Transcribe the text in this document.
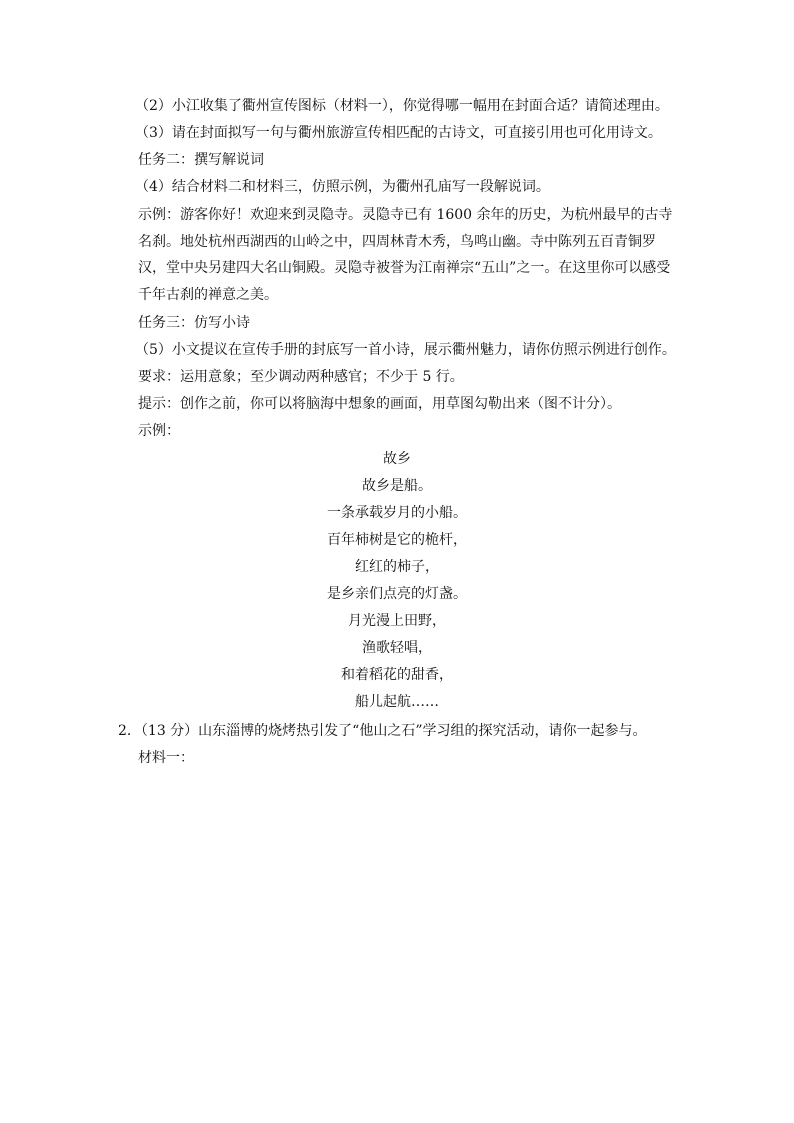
（2）小江收集了衢州宣传图标（材料一），你觉得哪一幅用在封面合适？请简述理由。
（3）请在封面拟写一句与衢州旅游宣传相匹配的古诗文，可直接引用也可化用诗文。
任务二：撰写解说词
（4）结合材料二和材料三，仿照示例，为衢州孔庙写一段解说词。
示例：游客你好！欢迎来到灵隐寺。灵隐寺已有 1600 余年的历史，为杭州最早的古寺名刹。地处杭州西湖西的山岭之中，四周林青木秀，鸟鸣山幽。寺中陈列五百青铜罗汉，堂中央另建四大名山铜殿。灵隐寺被誉为江南禅宗“五山”之一。在这里你可以感受千年古刹的禅意之美。
任务三：仿写小诗
（5）小文提议在宣传手册的封底写一首小诗，展示衢州魅力，请你仿照示例进行创作。
要求：运用意象；至少调动两种感官；不少于 5 行。
提示：创作之前，你可以将脑海中想象的画面，用草图勾勒出来（图不计分）。
示例：
故乡
故乡是船。
一条承载岁月的小船。
百年柿树是它的桅杆，
红红的柿子，
是乡亲们点亮的灯盏。
月光漫上田野，
渔歌轻唱，
和着稻花的甜香，
船儿起航……
2．（13 分）山东淄博的烧烤热引发了“他山之石”学习组的探究活动，请你一起参与。
材料一：
